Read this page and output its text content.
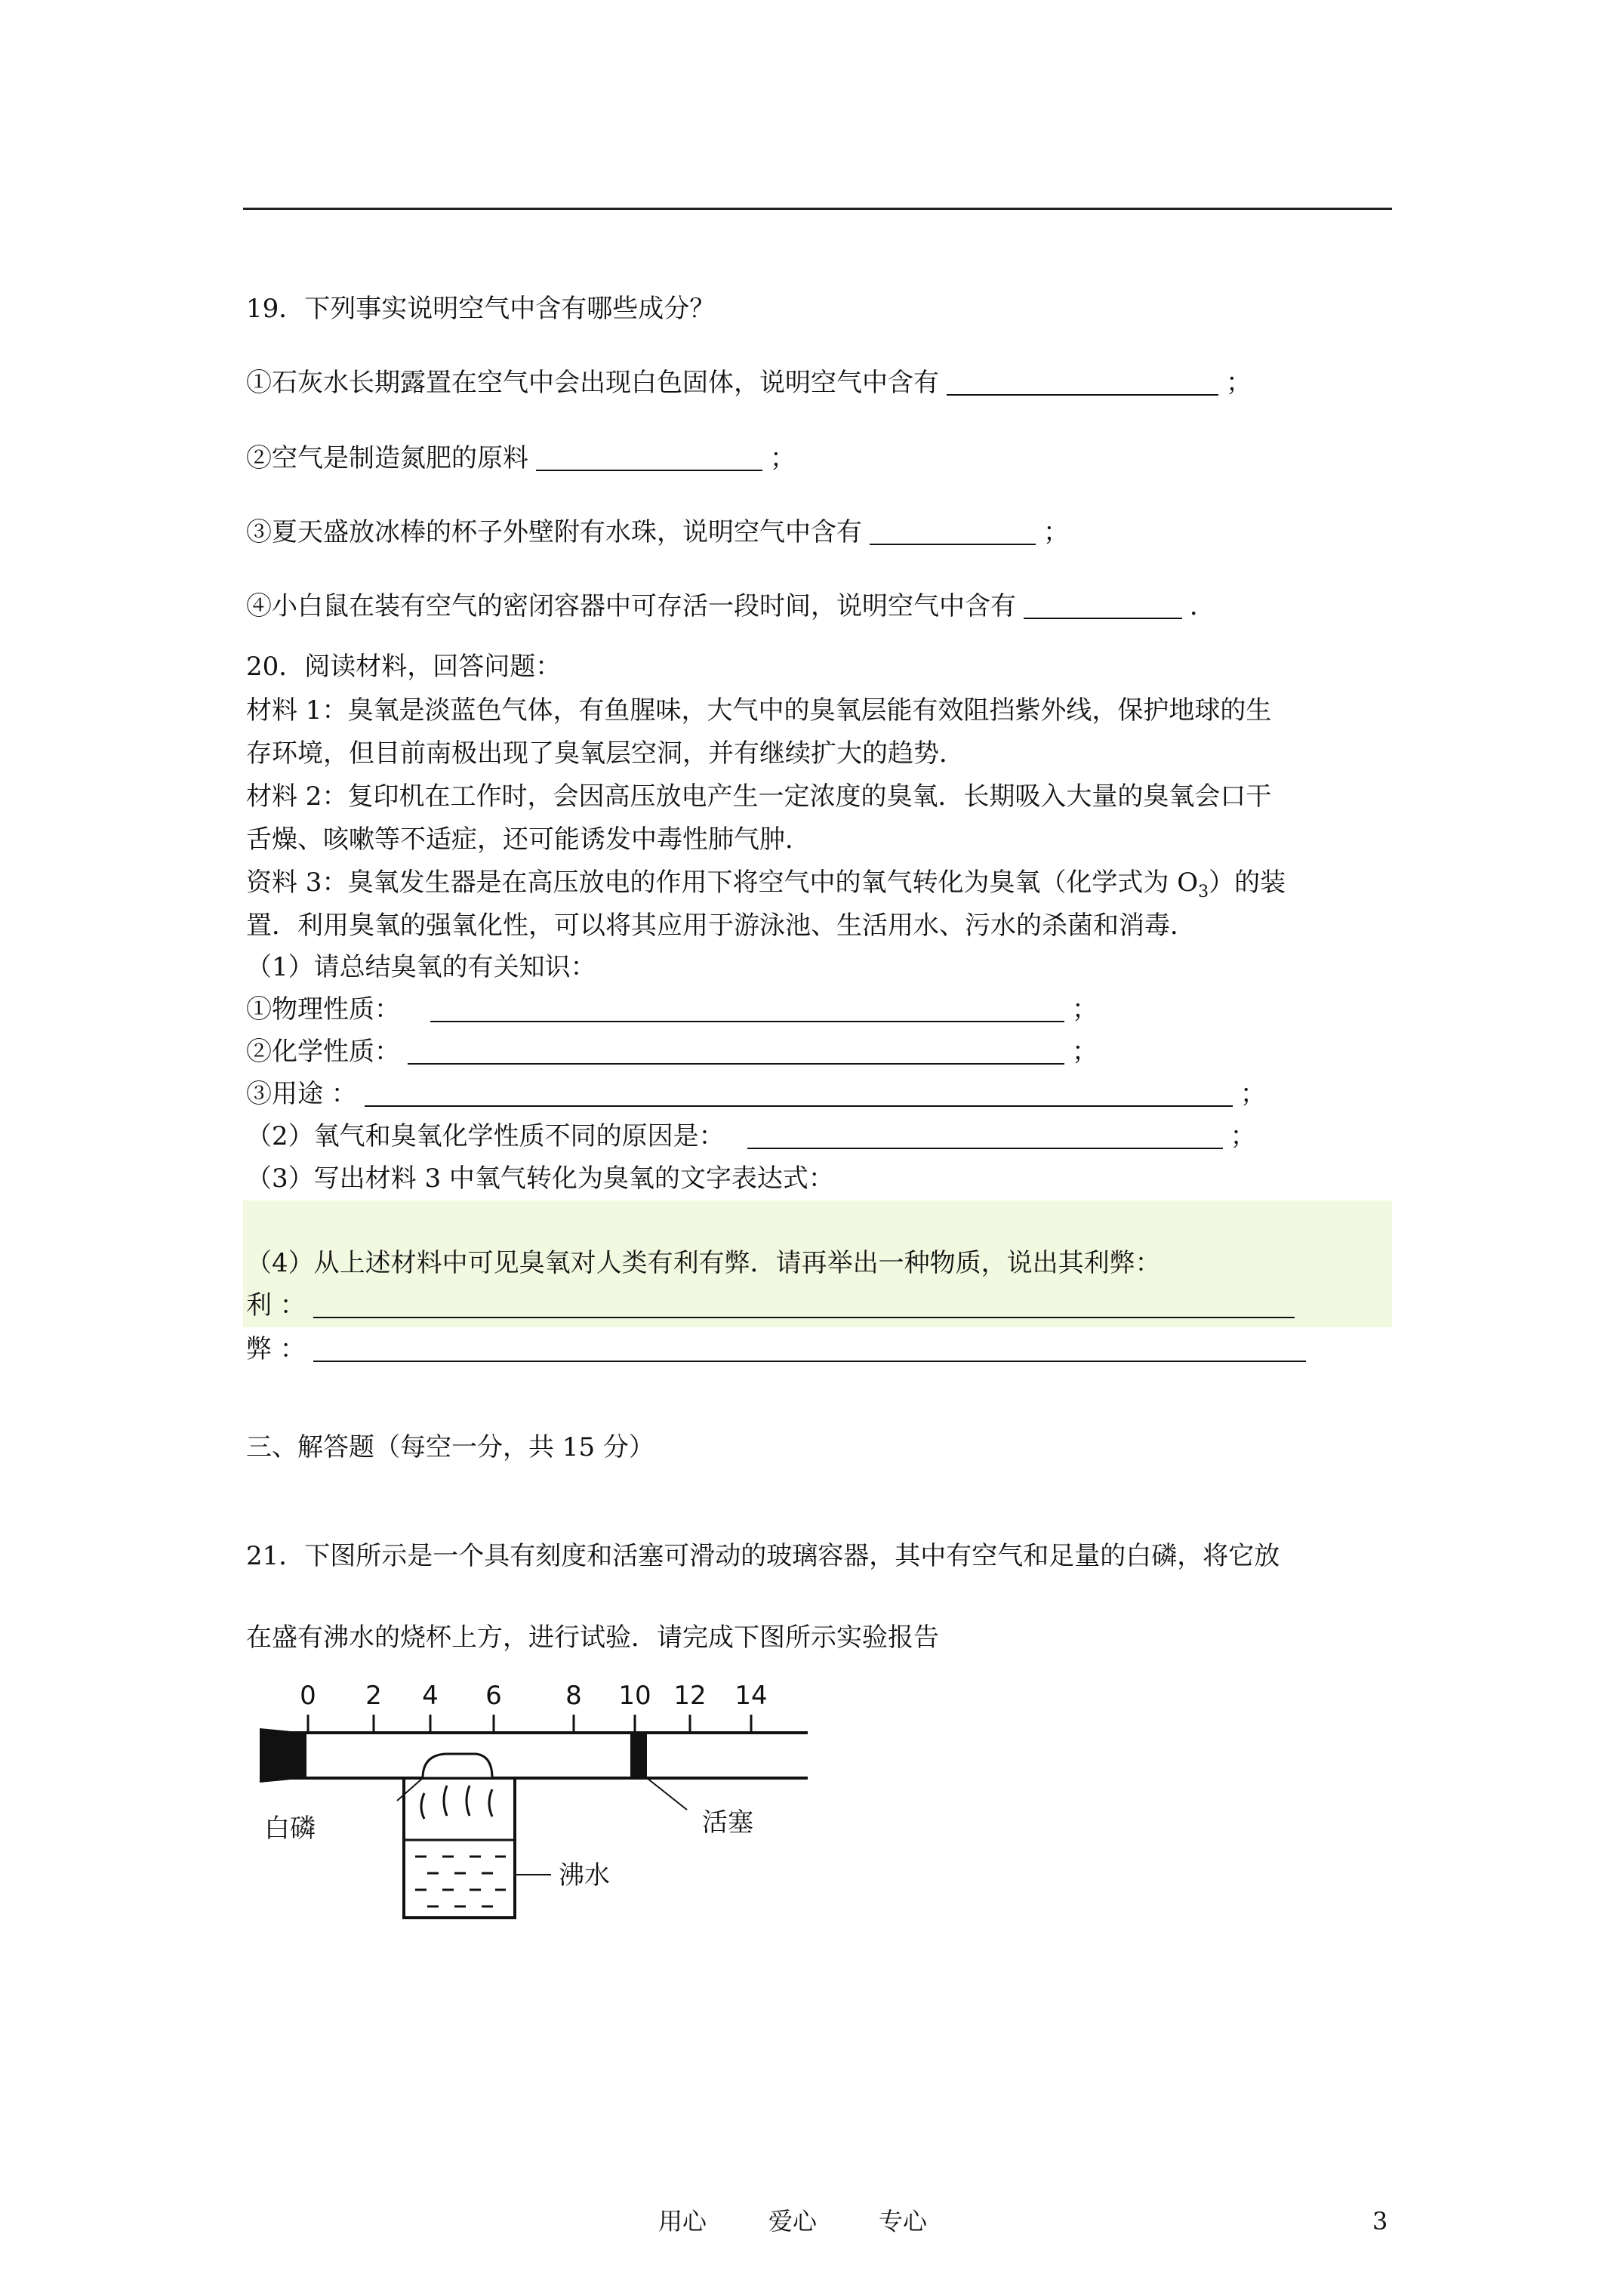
19．下列事实说明空气中含有哪些成分？
①石灰水长期露置在空气中会出现白色固体，说明空气中含有	；
②空气是制造氮肥的原料	；
③夏天盛放冰棒的杯子外壁附有水珠，说明空气中含有	；
④小白鼠在装有空气的密闭容器中可存活一段时间，说明空气中含有	．
20．阅读材料，回答问题：
材料 1：臭氧是淡蓝色气体，有鱼腥味，大气中的臭氧层能有效阻挡紫外线，保护地球的生
存环境，但目前南极出现了臭氧层空洞，并有继续扩大的趋势．
材料 2：复印机在工作时，会因高压放电产生一定浓度的臭氧．长期吸入大量的臭氧会口干
舌燥、咳嗽等不适症，还可能诱发中毒性肺气肿．
资料 3：臭氧发生器是在高压放电的作用下将空气中的氧气转化为臭氧（化学式为 $O_3$）的装
置．利用臭氧的强氧化性，可以将其应用于游泳池、生活用水、污水的杀菌和消毒．
（1）请总结臭氧的有关知识：
①物理性质：	；
②化学性质：	；
③用途 ：	；
（2）氧气和臭氧化学性质不同的原因是：	；
（3）写出材料 3 中氧气转化为臭氧的文字表达式：
（4）从上述材料中可见臭氧对人类有利有弊．请再举出一种物质，说出其利弊：
利 ：
弊 ：
三、解答题（每空一分，共 15 分）
21．下图所示是一个具有刻度和活塞可滑动的玻璃容器，其中有空气和足量的白磷，将它放
在盛有沸水的烧杯上方，进行试验．请完成下图所示实验报告
0 2 4 6 8 10 12 14
活塞
白磷
沸水
用心	爱心	专心	3
